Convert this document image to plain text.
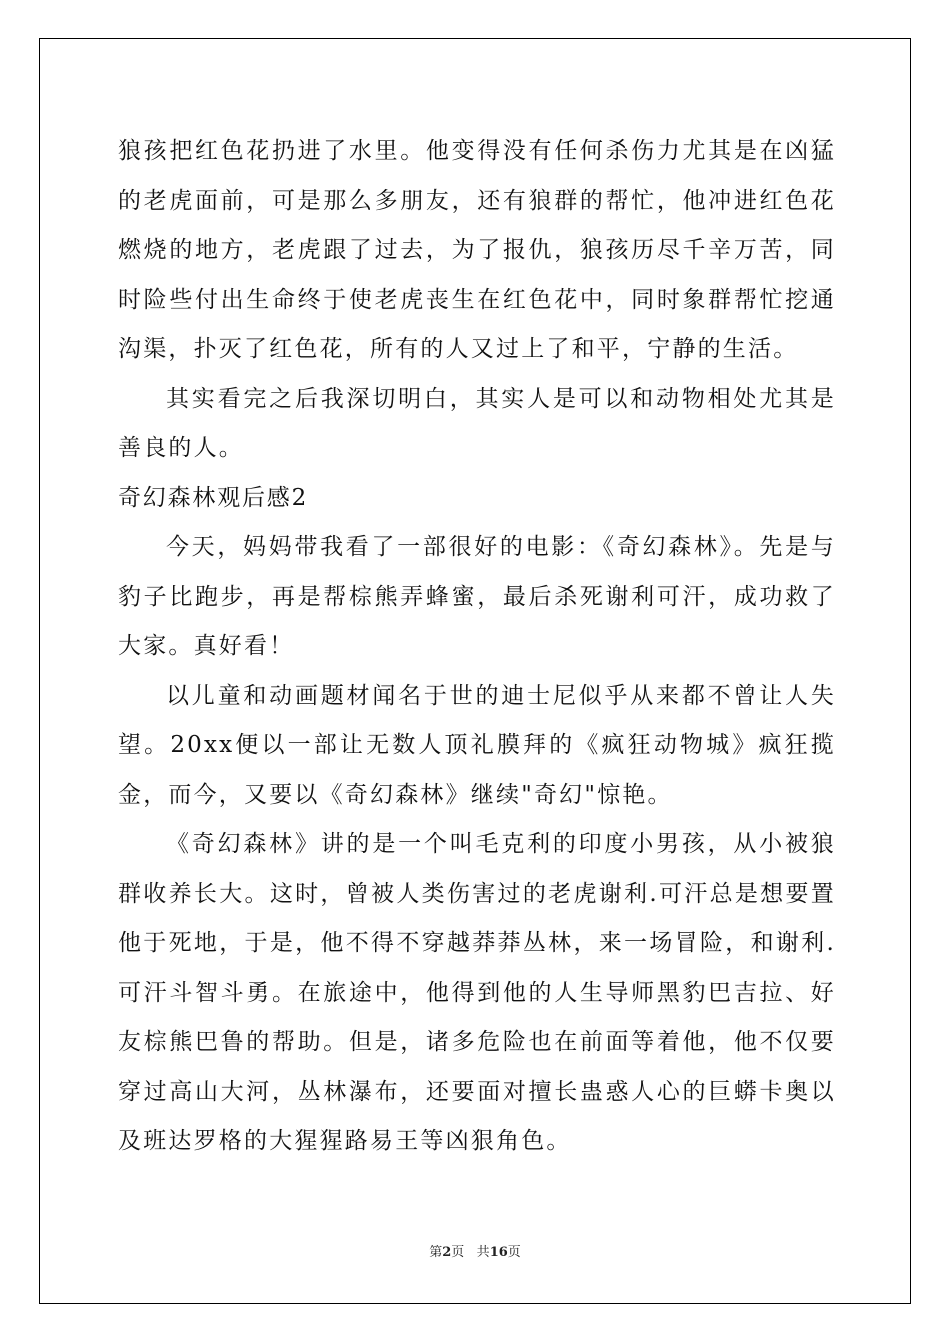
狼孩把红色花扔进了水里。他变得没有任何杀伤力尤其是在凶猛的老虎面前，可是那么多朋友，还有狼群的帮忙，他冲进红色花燃烧的地方，老虎跟了过去，为了报仇，狼孩历尽千辛万苦，同时险些付出生命终于使老虎丧生在红色花中，同时象群帮忙挖通沟渠，扑灭了红色花，所有的人又过上了和平，宁静的生活。

其实看完之后我深切明白，其实人是可以和动物相处尤其是善良的人。

奇幻森林观后感2

今天，妈妈带我看了一部很好的电影：《奇幻森林》。先是与豹子比跑步，再是帮棕熊弄蜂蜜，最后杀死谢利可汗，成功救了大家。真好看！

以儿童和动画题材闻名于世的迪士尼似乎从来都不曾让人失望。20xx便以一部让无数人顶礼膜拜的《疯狂动物城》疯狂揽金，而今，又要以《奇幻森林》继续"奇幻"惊艳。

《奇幻森林》讲的是一个叫毛克利的印度小男孩，从小被狼群收养长大。这时，曾被人类伤害过的老虎谢利.可汗总是想要置他于死地，于是，他不得不穿越莽莽丛林，来一场冒险，和谢利.可汗斗智斗勇。在旅途中，他得到他的人生导师黑豹巴吉拉、好友棕熊巴鲁的帮助。但是，诸多危险也在前面等着他，他不仅要穿过高山大河，丛林瀑布，还要面对擅长蛊惑人心的巨蟒卡奥以及班达罗格的大猩猩路易王等凶狠角色。

第2页 共16页
